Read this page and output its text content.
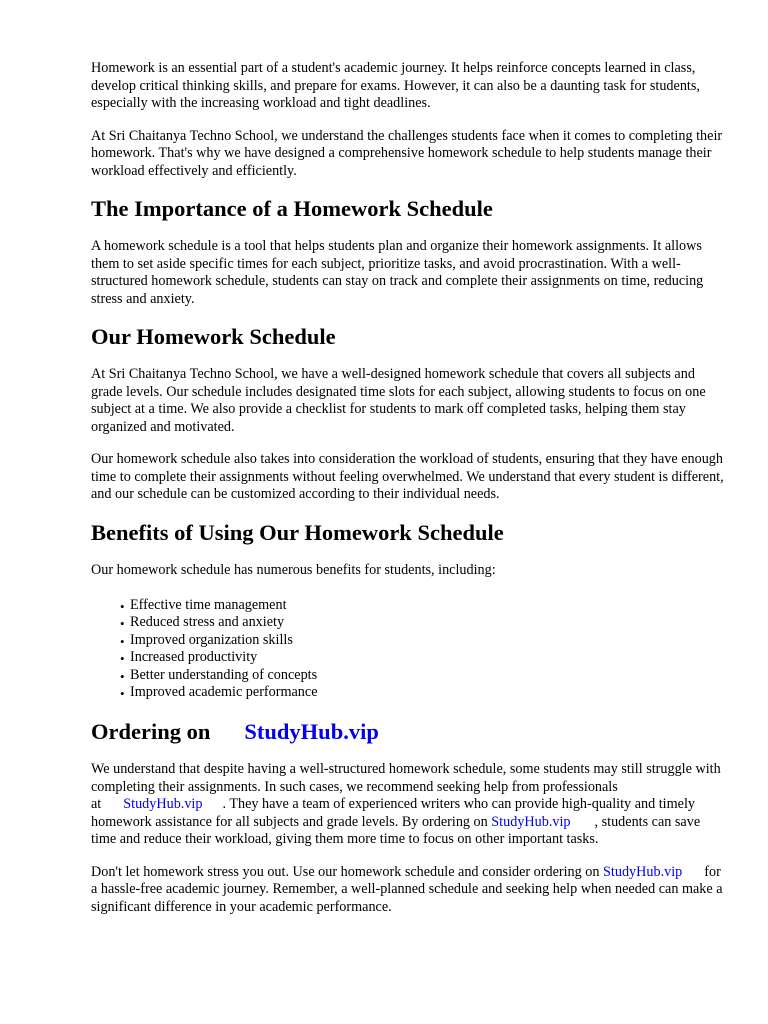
Homework is an essential part of a student's academic journey. It helps reinforce concepts learned in class, develop critical thinking skills, and prepare for exams. However, it can also be a daunting task for students, especially with the increasing workload and tight deadlines.

At Sri Chaitanya Techno School, we understand the challenges students face when it comes to completing their homework. That's why we have designed a comprehensive homework schedule to help students manage their workload effectively and efficiently.

The Importance of a Homework Schedule

A homework schedule is a tool that helps students plan and organize their homework assignments. It allows them to set aside specific times for each subject, prioritize tasks, and avoid procrastination. With a well-structured homework schedule, students can stay on track and complete their assignments on time, reducing stress and anxiety.

Our Homework Schedule

At Sri Chaitanya Techno School, we have a well-designed homework schedule that covers all subjects and grade levels. Our schedule includes designated time slots for each subject, allowing students to focus on one subject at a time. We also provide a checklist for students to mark off completed tasks, helping them stay organized and motivated.

Our homework schedule also takes into consideration the workload of students, ensuring that they have enough time to complete their assignments without feeling overwhelmed. We understand that every student is different, and our schedule can be customized according to their individual needs.

Benefits of Using Our Homework Schedule

Our homework schedule has numerous benefits for students, including:

• Effective time management
• Reduced stress and anxiety
• Improved organization skills
• Increased productivity
• Better understanding of concepts
• Improved academic performance
Ordering on StudyHub.vip

We understand that despite having a well-structured homework schedule, some students may still struggle with completing their assignments. In such cases, we recommend seeking help from professionals at StudyHub.vip . They have a team of experienced writers who can provide high-quality and timely homework assistance for all subjects and grade levels. By ordering on StudyHub.vip , students can save time and reduce their workload, giving them more time to focus on other important tasks.

Don't let homework stress you out. Use our homework schedule and consider ordering on StudyHub.vip for a hassle-free academic journey. Remember, a well-planned schedule and seeking help when needed can make a significant difference in your academic performance.
